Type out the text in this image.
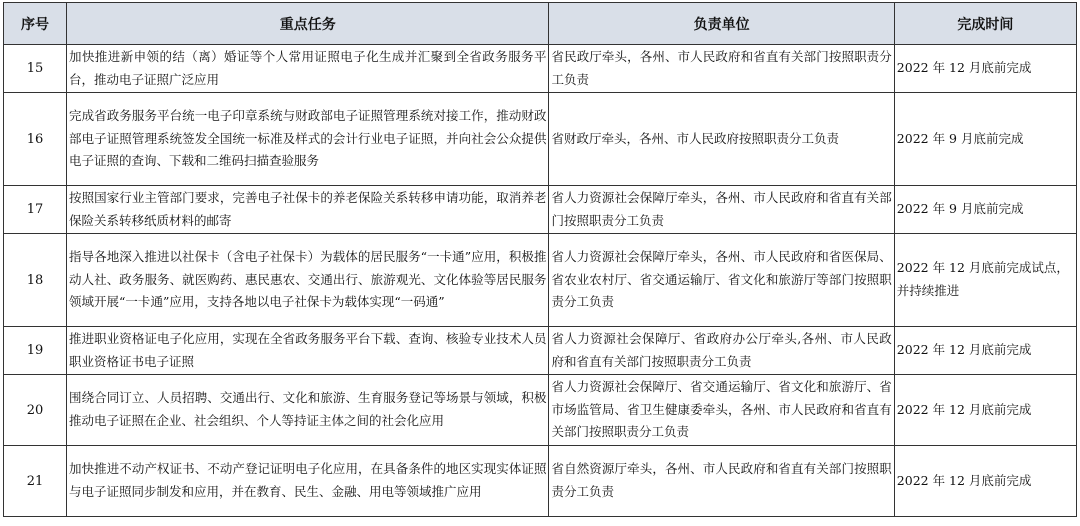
序号	重点任务	负责单位	完成时间
15	加快推进新申领的结（离）婚证等个人常用证照电子化生成并汇聚到全省政务服务平台，推动电子证照广泛应用	省民政厅牵头，各州、市人民政府和省直有关部门按照职责分工负责	2022 年 12 月底前完成
16	完成省政务服务平台统一电子印章系统与财政部电子证照管理系统对接工作，推动财政部电子证照管理系统签发全国统一标准及样式的会计行业电子证照，并向社会公众提供电子证照的查询、下载和二维码扫描查验服务	省财政厅牵头，各州、市人民政府按照职责分工负责	2022 年 9 月底前完成
17	按照国家行业主管部门要求，完善电子社保卡的养老保险关系转移申请功能，取消养老保险关系转移纸质材料的邮寄	省人力资源社会保障厅牵头，各州、市人民政府和省直有关部门按照职责分工负责	2022 年 9 月底前完成
18	指导各地深入推进以社保卡（含电子社保卡）为载体的居民服务“一卡通”应用，积极推动人社、政务服务、就医购药、惠民惠农、交通出行、旅游观光、文化体验等居民服务领域开展“一卡通”应用，支持各地以电子社保卡为载体实现“一码通”	省人力资源社会保障厅牵头，各州、市人民政府和省医保局、省农业农村厅、省交通运输厅、省文化和旅游厅等部门按照职责分工负责	2022 年 12 月底前完成试点，并持续推进
19	推进职业资格证电子化应用，实现在全省政务服务平台下载、查询、核验专业技术人员职业资格证书电子证照	省人力资源社会保障厅、省政府办公厅牵头,各州、市人民政府和省直有关部门按照职责分工负责	2022 年 12 月底前完成
20	围绕合同订立、人员招聘、交通出行、文化和旅游、生育服务登记等场景与领域，积极推动电子证照在企业、社会组织、个人等持证主体之间的社会化应用	省人力资源社会保障厅、省交通运输厅、省文化和旅游厅、省市场监管局、省卫生健康委牵头，各州、市人民政府和省直有关部门按照职责分工负责	2022 年 12 月底前完成
21	加快推进不动产权证书、不动产登记证明电子化应用，在具备条件的地区实现实体证照与电子证照同步制发和应用，并在教育、民生、金融、用电等领域推广应用	省自然资源厅牵头，各州、市人民政府和省直有关部门按照职责分工负责	2022 年 12 月底前完成
